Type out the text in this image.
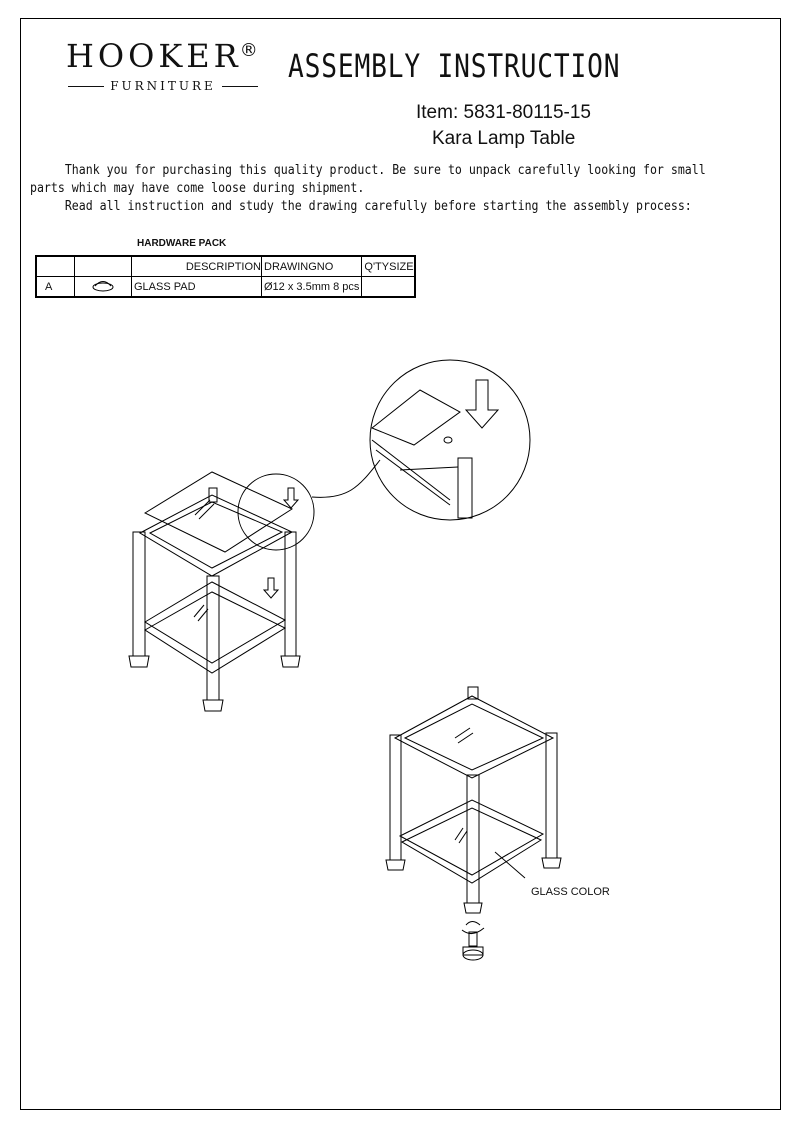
HOOKER®
FURNITURE
ASSEMBLY INSTRUCTION
Item: 5831-80115-15
Kara Lamp Table
Thank you for purchasing this quality product. Be sure to unpack carefully looking for small
parts which may have come loose during shipment.
Read all instruction and study the drawing carefully before starting the assembly process:
HARDWARE PACK
		DESCRIPTION	DRAWINGNO	Q'TYSIZE
A		GLASS PAD	Ø12 x 3.5mm 8 pcs	
GLASS COLOR
